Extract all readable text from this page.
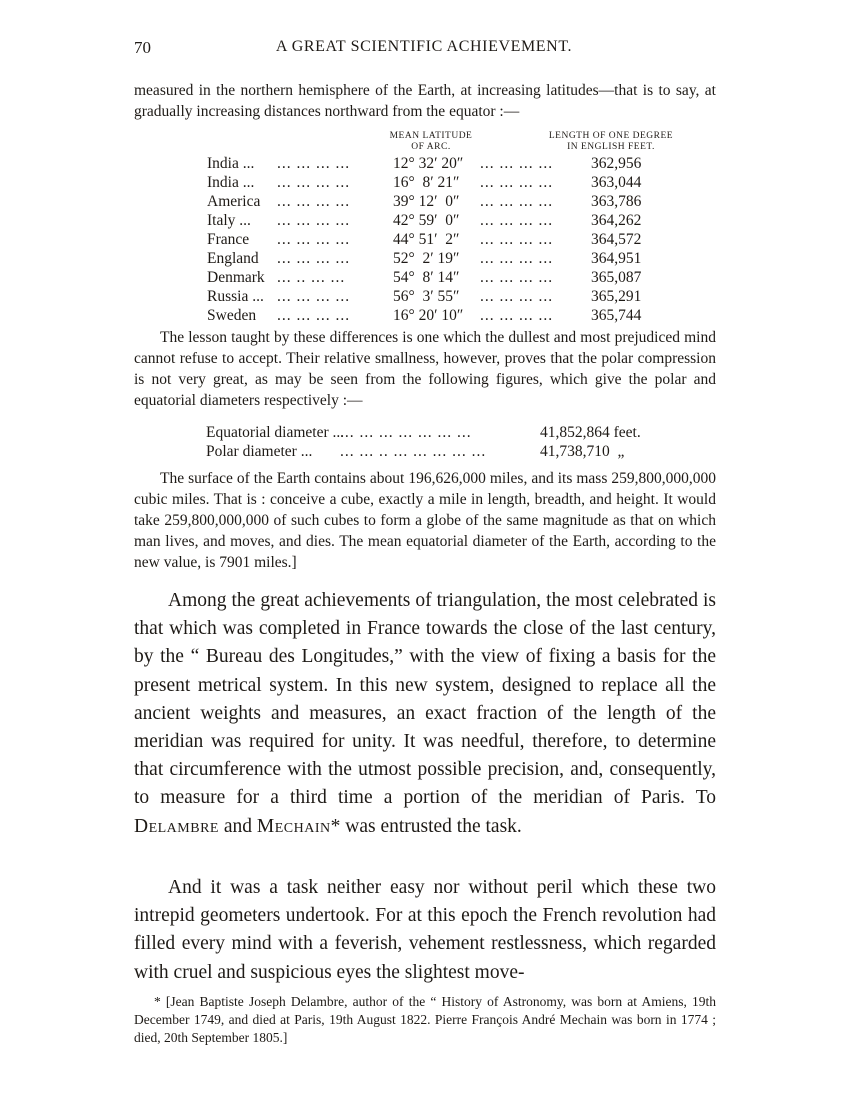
70	A GREAT SCIENTIFIC ACHIEVEMENT.

measured in the northern hemisphere of the Earth, at increasing latitudes—that is to say, at gradually increasing distances northward from the equator :—

MEAN LATITUDE
OF ARC.
LENGTH OF ONE DEGREE
IN ENGLISH FEET.
India ... ... ... ... ...	12° 32′ 20″ ... ... ... ... 362,956
India ... ... ... ... ...	16°  8′ 21″ ... ... ... ... 363,044
America ... ... ... ...	39° 12′  0″ ... ... ... ... 363,786
Italy ... ... ... ... ...	42° 59′  0″ ... ... ... ... 364,262
France ... ... ... ...	44° 51′  2″ ... ... ... ... 364,572
England ... ... ... ...	52°  2′ 19″ ... ... ... ... 364,951
Denmark ... .. ... ...	54°  8′ 14″ ... ... ... ... 365,087
Russia ... ... ... ... ...	56°  3′ 55″ ... ... ... ... 365,291
Sweden ... ... ... ...	16° 20′ 10″ ... ... ... ... 365,744

The lesson taught by these differences is one which the dullest and most prejudiced mind cannot refuse to accept. Their relative smallness, however, proves that the polar compression is not very great, as may be seen from the following figures, which give the polar and equatorial diameters respectively :—

Equatorial diameter ...
... ... ... ... ... ... ...	41,852,864 feet.
Polar diameter ... ... ... .. ... ... ... ... ...	41,738,710  „

The surface of the Earth contains about 196,626,000 miles, and its mass 259,800,000,000 cubic miles. That is : conceive a cube, exactly a mile in length, breadth, and height. It would take 259,800,000,000 of such cubes to form a globe of the same magnitude as that on which man lives, and moves, and dies. The mean equatorial diameter of the Earth, according to the new value, is 7901 miles.]

Among the great achievements of triangulation, the most celebrated is that which was completed in France towards the close of the last century, by the “ Bureau des Longitudes,” with the view of fixing a basis for the present metrical system. In this new system, designed to replace all the ancient weights and measures, an exact fraction of the length of the meridian was required for unity. It was needful, therefore, to determine that circumference with the utmost possible precision, and, consequently, to measure for a third time a portion of the meridian of Paris. To Delambre and Mechain* was entrusted the task.

And it was a task neither easy nor without peril which these two intrepid geometers undertook. For at this epoch the French revolution had filled every mind with a feverish, vehement restlessness, which regarded with cruel and suspicious eyes the slightest move-

* [Jean Baptiste Joseph Delambre, author of the “ History of Astronomy, was born at Amiens, 19th December 1749, and died at Paris, 19th August 1822. Pierre François André Mechain was born in 1774 ; died, 20th September 1805.]
